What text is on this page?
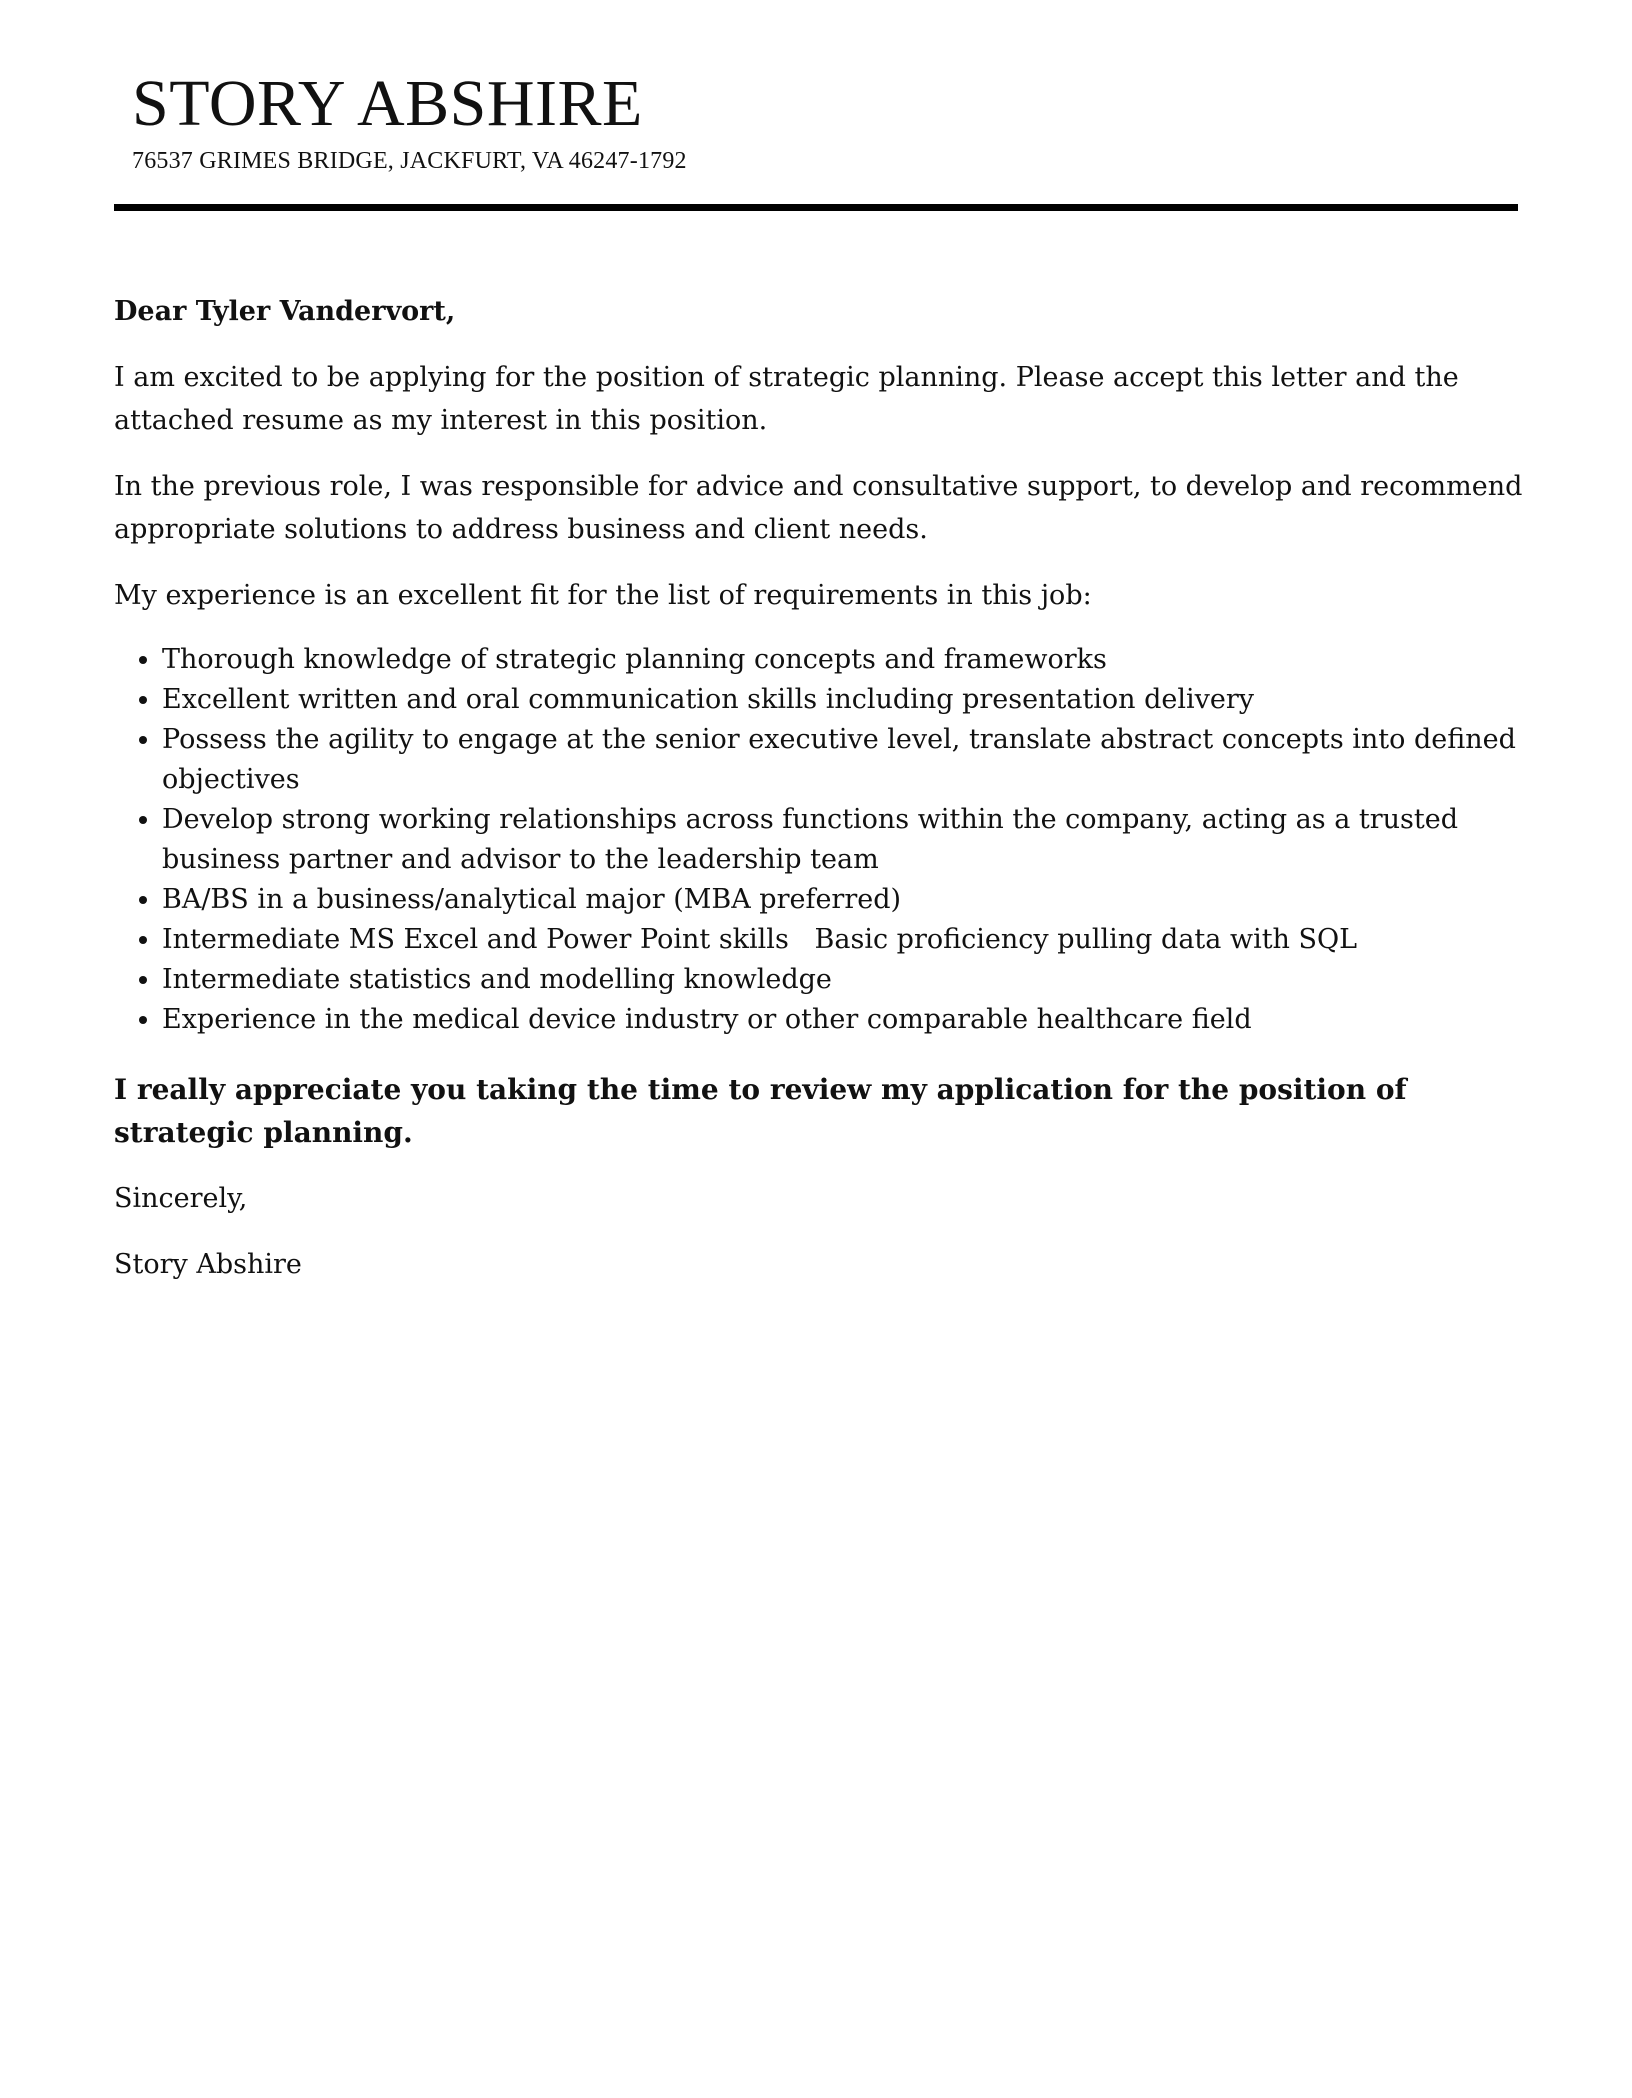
STORY ABSHIRE
76537 GRIMES BRIDGE, JACKFURT, VA 46247-1792

Dear Tyler Vandervort,

I am excited to be applying for the position of strategic planning. Please accept this letter and the attached resume as my interest in this position.

In the previous role, I was responsible for advice and consultative support, to develop and recommend appropriate solutions to address business and client needs.

My experience is an excellent fit for the list of requirements in this job:

• Thorough knowledge of strategic planning concepts and frameworks
• Excellent written and oral communication skills including presentation delivery
• Possess the agility to engage at the senior executive level, translate abstract concepts into defined objectives
• Develop strong working relationships across functions within the company, acting as a trusted business partner and advisor to the leadership team
• BA/BS in a business/analytical major (MBA preferred)
• Intermediate MS Excel and Power Point skills   Basic proficiency pulling data with SQL
• Intermediate statistics and modelling knowledge
• Experience in the medical device industry or other comparable healthcare field

I really appreciate you taking the time to review my application for the position of strategic planning.

Sincerely,

Story Abshire
